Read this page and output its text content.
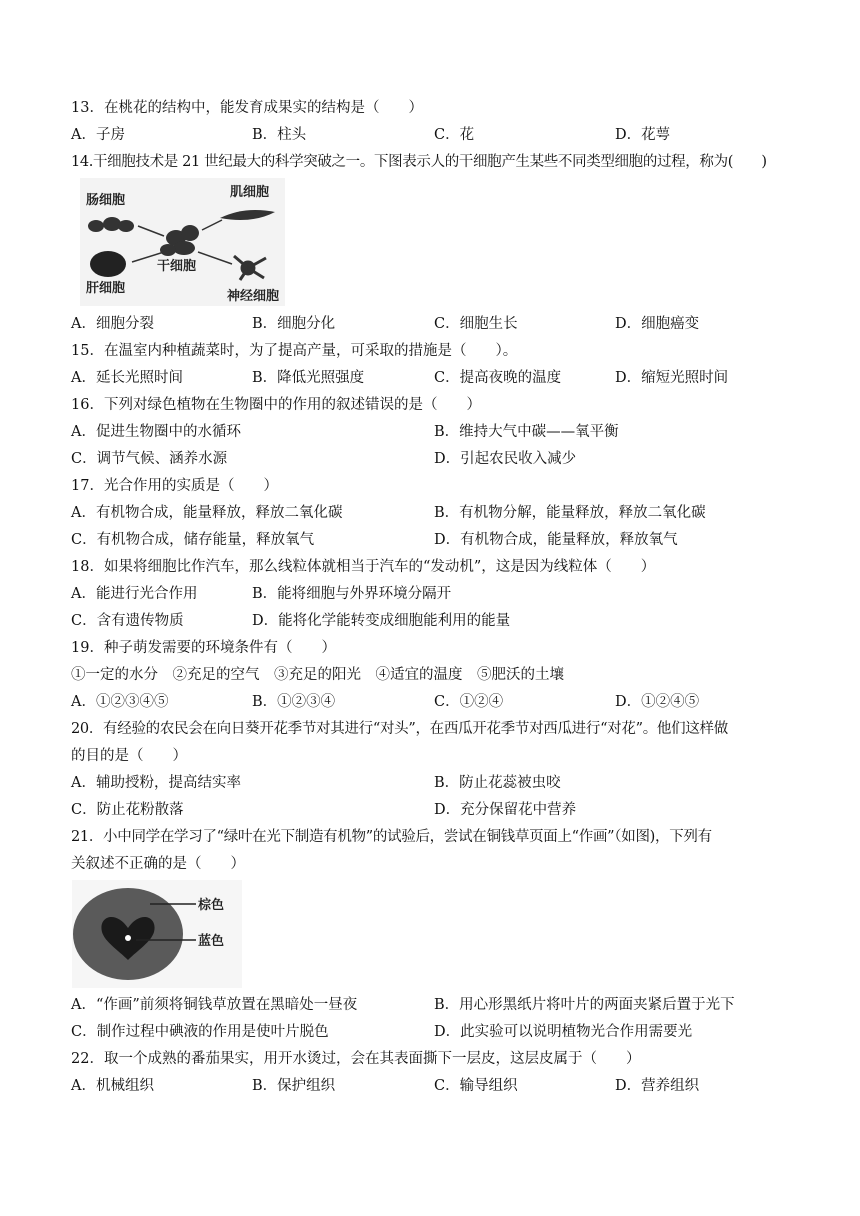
13．在桃花的结构中，能发育成果实的结构是（　　）
A．子房	B．柱头	C．花	D．花萼
14.干细胞技术是 21 世纪最大的科学突破之一。下图表示人的干细胞产生某些不同类型细胞的过程，称为(　　)
肠细胞
肌细胞
干细胞
肝细胞
神经细胞
A．细胞分裂	B．细胞分化	C．细胞生长	D．细胞癌变
15．在温室内种植蔬菜时，为了提高产量，可采取的措施是（　　）。
A．延长光照时间	B．降低光照强度	C．提高夜晚的温度	D．缩短光照时间
16．下列对绿色植物在生物圈中的作用的叙述错误的是（　　）
A．促进生物圈中的水循环	B．维持大气中碳——氧平衡
C．调节气候、涵养水源	D．引起农民收入减少
17．光合作用的实质是（　　）
A．有机物合成，能量释放，释放二氧化碳	B．有机物分解，能量释放，释放二氧化碳
C．有机物合成，储存能量，释放氧气	D．有机物合成，能量释放，释放氧气
18．如果将细胞比作汽车，那么线粒体就相当于汽车的“发动机”，这是因为线粒体（　　）
A．能进行光合作用	B．能将细胞与外界环境分隔开
C．含有遗传物质	D．能将化学能转变成细胞能利用的能量
19．种子萌发需要的环境条件有（　　）
①一定的水分　②充足的空气　③充足的阳光　④适宜的温度　⑤肥沃的土壤
A．①②③④⑤	B．①②③④	C．①②④	D．①②④⑤
20．有经验的农民会在向日葵开花季节对其进行“对头”，在西瓜开花季节对西瓜进行“对花”。他们这样做
的目的是（　　）
A．辅助授粉，提高结实率	B．防止花蕊被虫咬
C．防止花粉散落	D．充分保留花中营养
21．小中同学在学习了“绿叶在光下制造有机物”的试验后，尝试在铜钱草页面上“作画”（如图)，下列有
关叙述不正确的是（　　）
棕色
蓝色
A．“作画”前须将铜钱草放置在黑暗处一昼夜	B．用心形黑纸片将叶片的两面夹紧后置于光下
C．制作过程中碘液的作用是使叶片脱色	D．此实验可以说明植物光合作用需要光
22．取一个成熟的番茄果实，用开水烫过，会在其表面撕下一层皮，这层皮属于（　　）
A．机械组织	B．保护组织	C．输导组织	D．营养组织
